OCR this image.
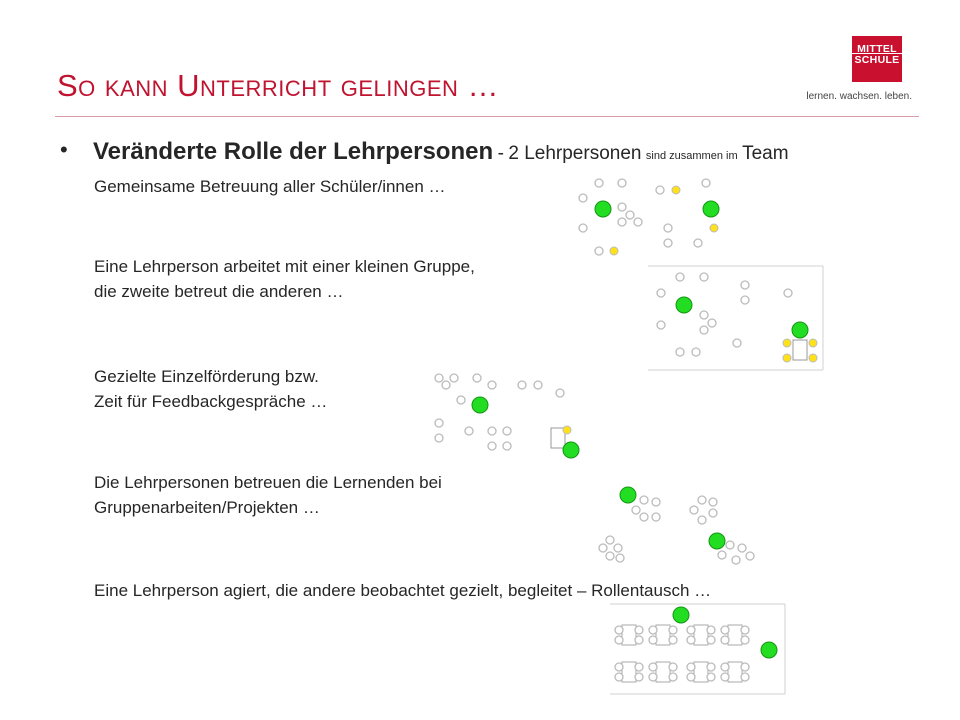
So kann Unterricht gelingen …
MITTEL
SCHULE
lernen. wachsen. leben.
• Veränderte Rolle der Lehrpersonen - 2 Lehrpersonen sind zusammen im Team
Gemeinsame Betreuung aller Schüler/innen …
Eine Lehrperson arbeitet mit einer kleinen Gruppe,
die zweite betreut die anderen …
Gezielte Einzelförderung bzw.
Zeit für Feedbackgespräche …
Die Lehrpersonen betreuen die Lernenden bei
Gruppenarbeiten/Projekten …
Eine Lehrperson agiert, die andere beobachtet gezielt, begleitet – Rollentausch …
